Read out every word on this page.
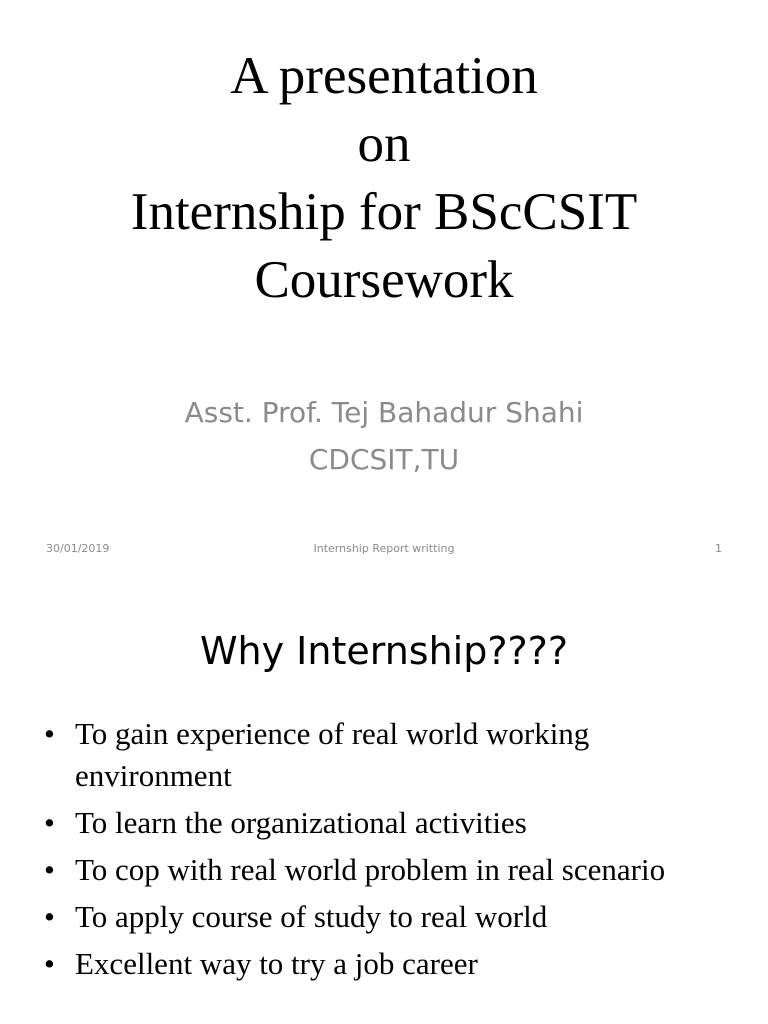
A presentation
on
Internship for BScCSIT
Coursework
Asst. Prof. Tej Bahadur Shahi
CDCSIT,TU
30/01/2019	Internship Report writting	1
Why Internship????
• To gain experience of real world working environment
• To learn the organizational activities
• To cop with real world problem in real scenario
• To apply course of study to real world
• Excellent way to try a job career
